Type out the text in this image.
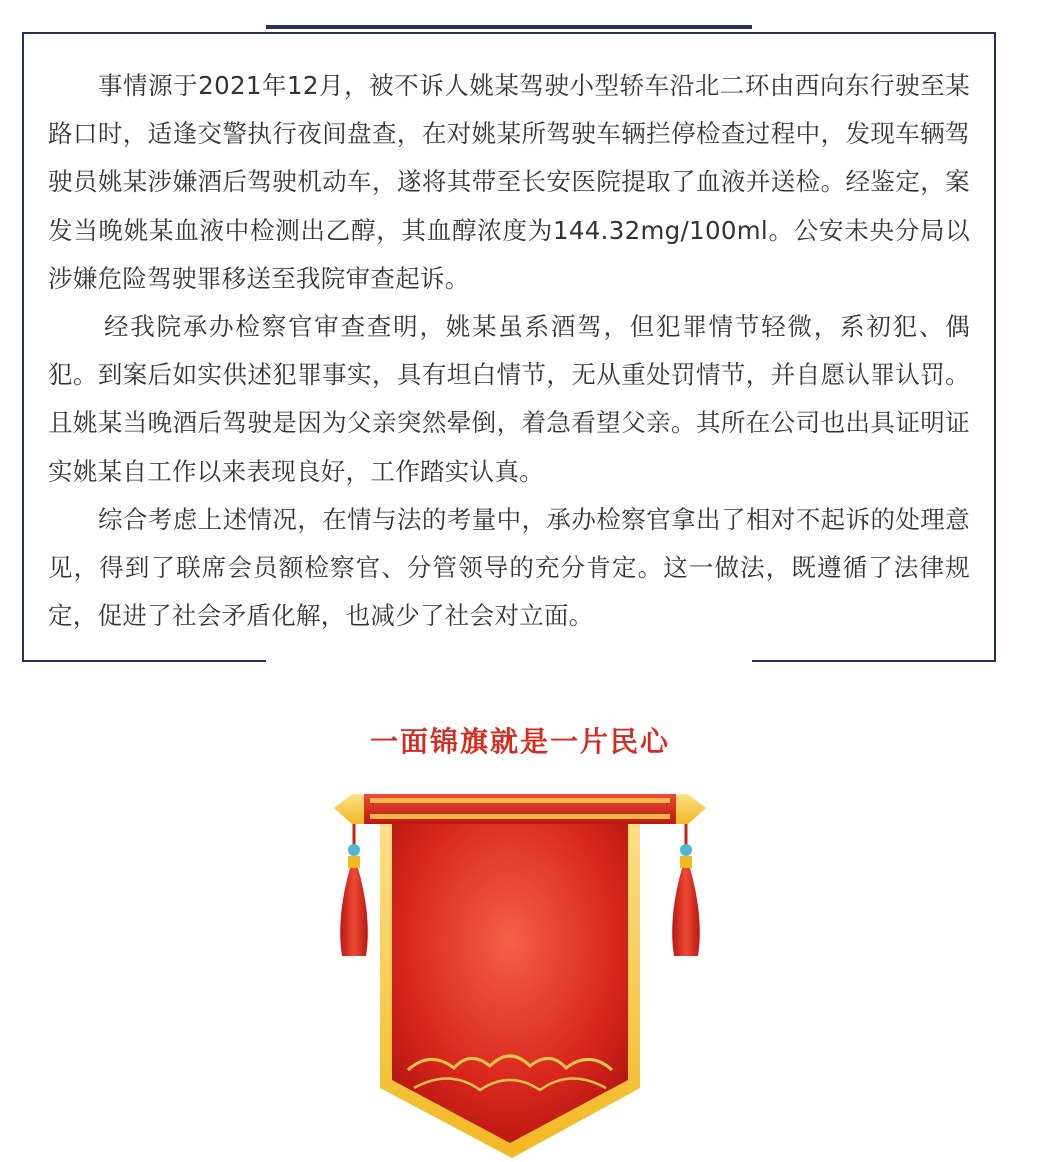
事情源于2021年12月，被不诉人姚某驾驶小型轿车沿北二环由西向东行驶至某路口时，适逢交警执行夜间盘查，在对姚某所驾驶车辆拦停检查过程中，发现车辆驾驶员姚某涉嫌酒后驾驶机动车，遂将其带至长安医院提取了血液并送检。经鉴定，案发当晚姚某血液中检测出乙醇，其血醇浓度为144.32mg/100ml。公安未央分局以涉嫌危险驾驶罪移送至我院审查起诉。

经我院承办检察官审查查明，姚某虽系酒驾，但犯罪情节轻微，系初犯、偶犯。到案后如实供述犯罪事实，具有坦白情节，无从重处罚情节，并自愿认罪认罚。且姚某当晚酒后驾驶是因为父亲突然晕倒，着急看望父亲。其所在公司也出具证明证实姚某自工作以来表现良好，工作踏实认真。

综合考虑上述情况，在情与法的考量中，承办检察官拿出了相对不起诉的处理意见，得到了联席会员额检察官、分管领导的充分肯定。这一做法，既遵循了法律规定，促进了社会矛盾化解，也减少了社会对立面。

一面锦旗就是一片民心
